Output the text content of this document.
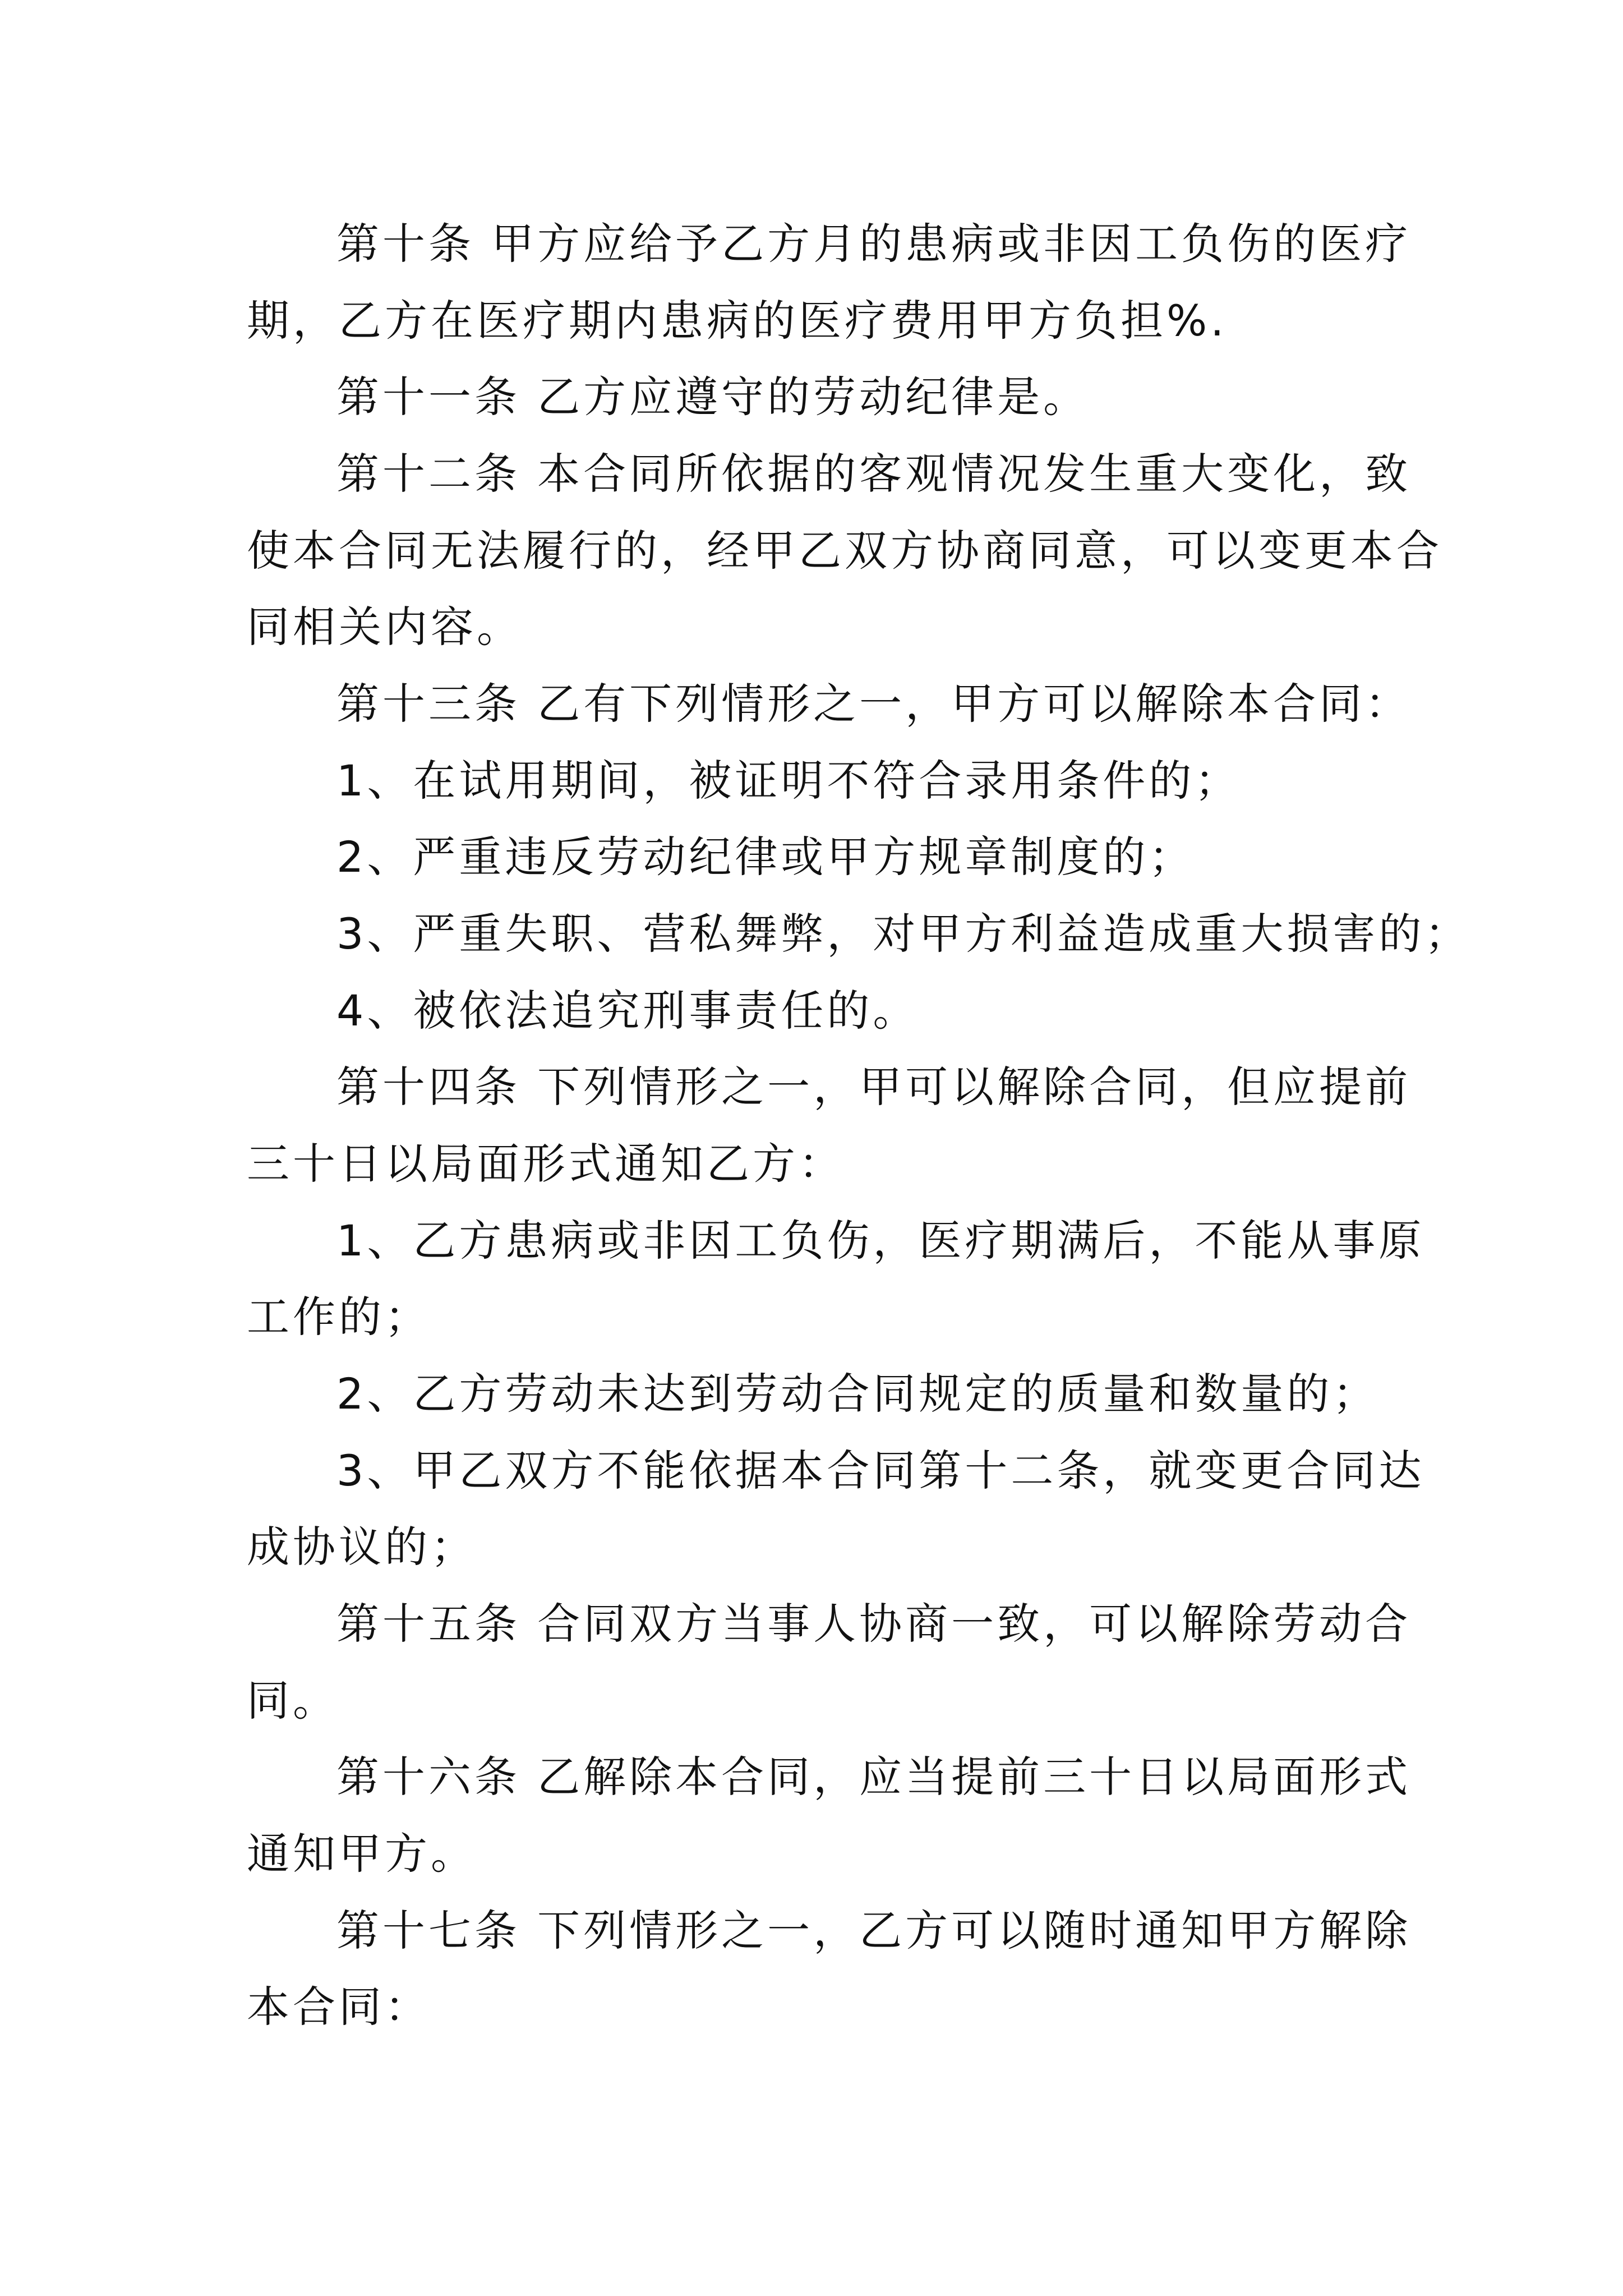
第十条 甲方应给予乙方月的患病或非因工负伤的医疗
期，乙方在医疗期内患病的医疗费用甲方负担%.
第十一条 乙方应遵守的劳动纪律是。
第十二条 本合同所依据的客观情况发生重大变化，致
使本合同无法履行的，经甲乙双方协商同意，可以变更本合
同相关内容。
第十三条 乙有下列情形之一，甲方可以解除本合同：
1、在试用期间，被证明不符合录用条件的；
2、严重违反劳动纪律或甲方规章制度的；
3、严重失职、营私舞弊，对甲方利益造成重大损害的；
4、被依法追究刑事责任的。
第十四条 下列情形之一，甲可以解除合同，但应提前
三十日以局面形式通知乙方：
1、乙方患病或非因工负伤，医疗期满后，不能从事原
工作的；
2、乙方劳动未达到劳动合同规定的质量和数量的；
3、甲乙双方不能依据本合同第十二条，就变更合同达
成协议的；
第十五条 合同双方当事人协商一致，可以解除劳动合
同。
第十六条 乙解除本合同，应当提前三十日以局面形式
通知甲方。
第十七条 下列情形之一，乙方可以随时通知甲方解除
本合同：
